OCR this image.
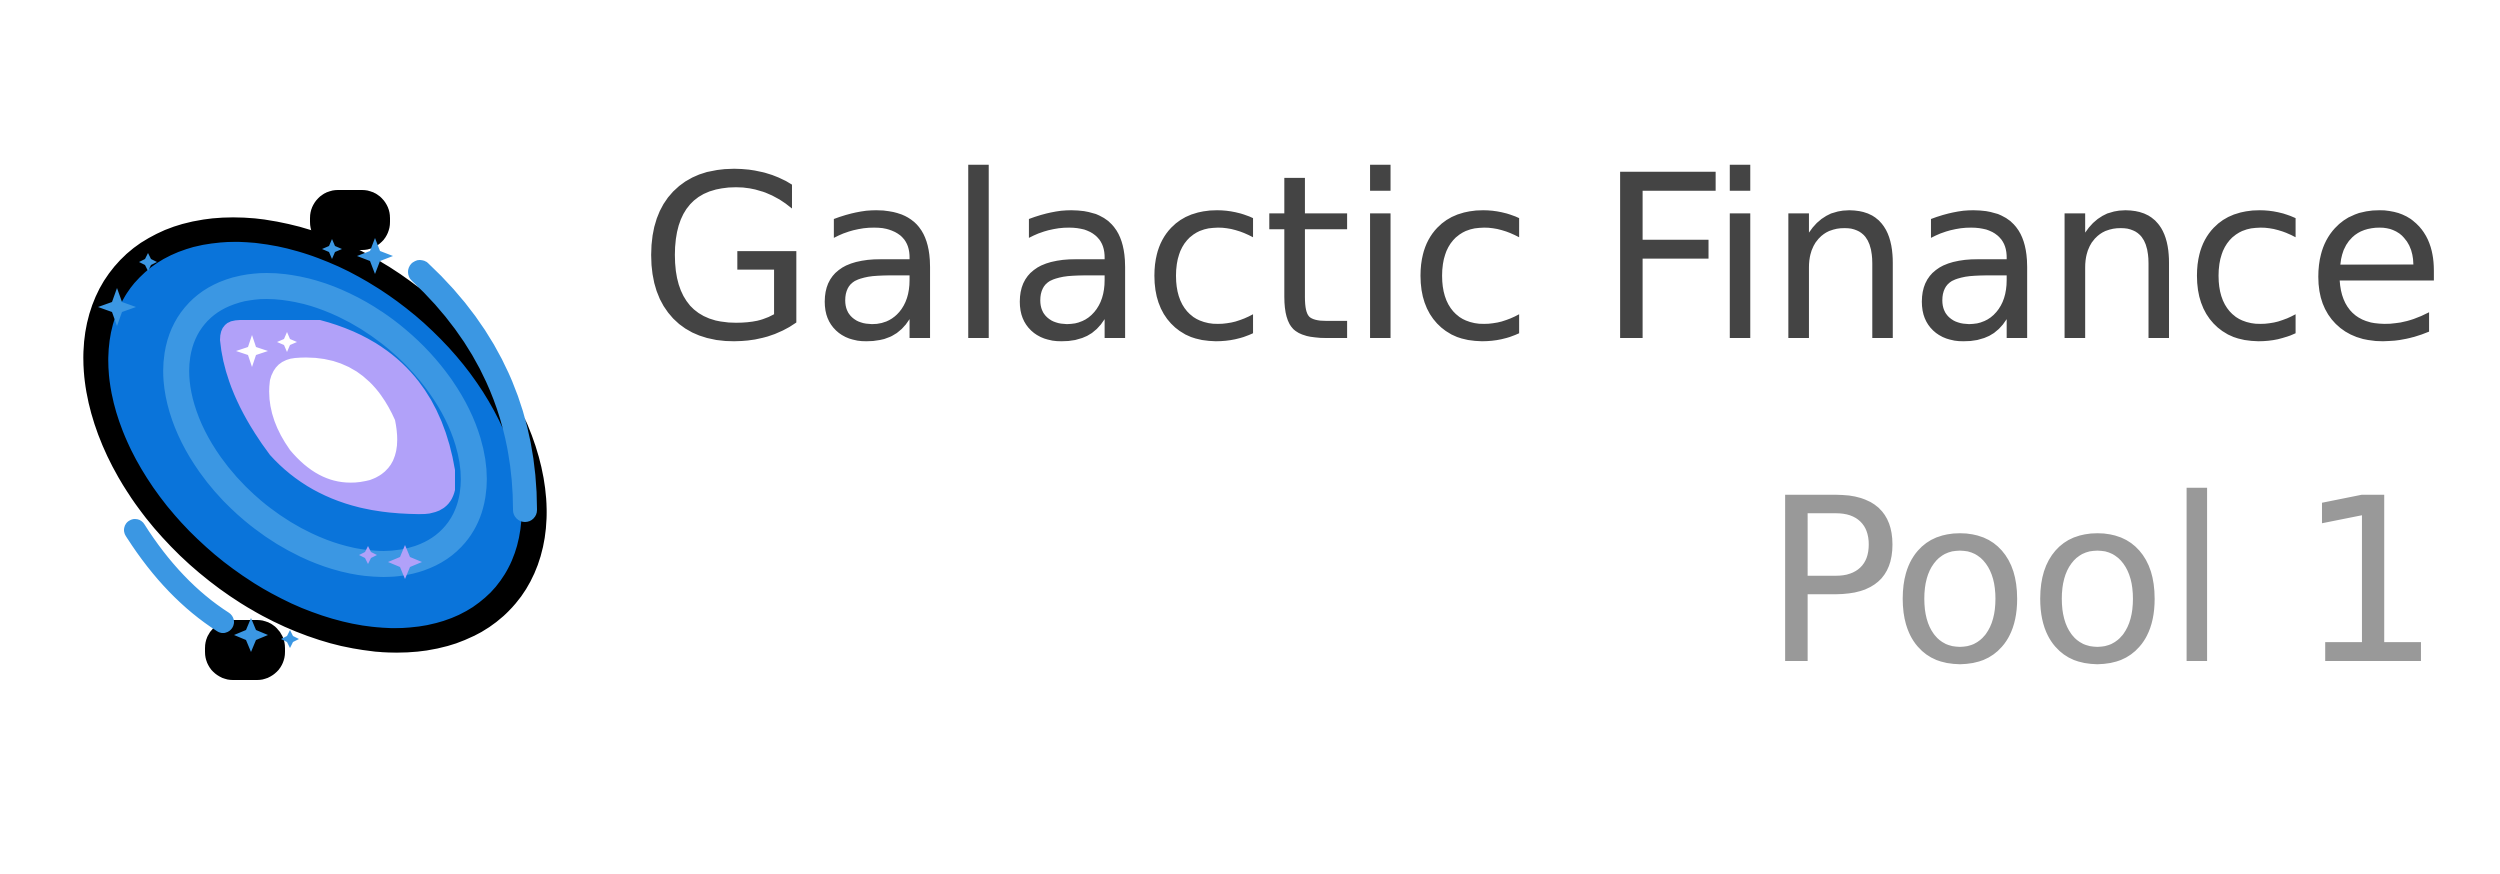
Galactic Finance
Pool 1
